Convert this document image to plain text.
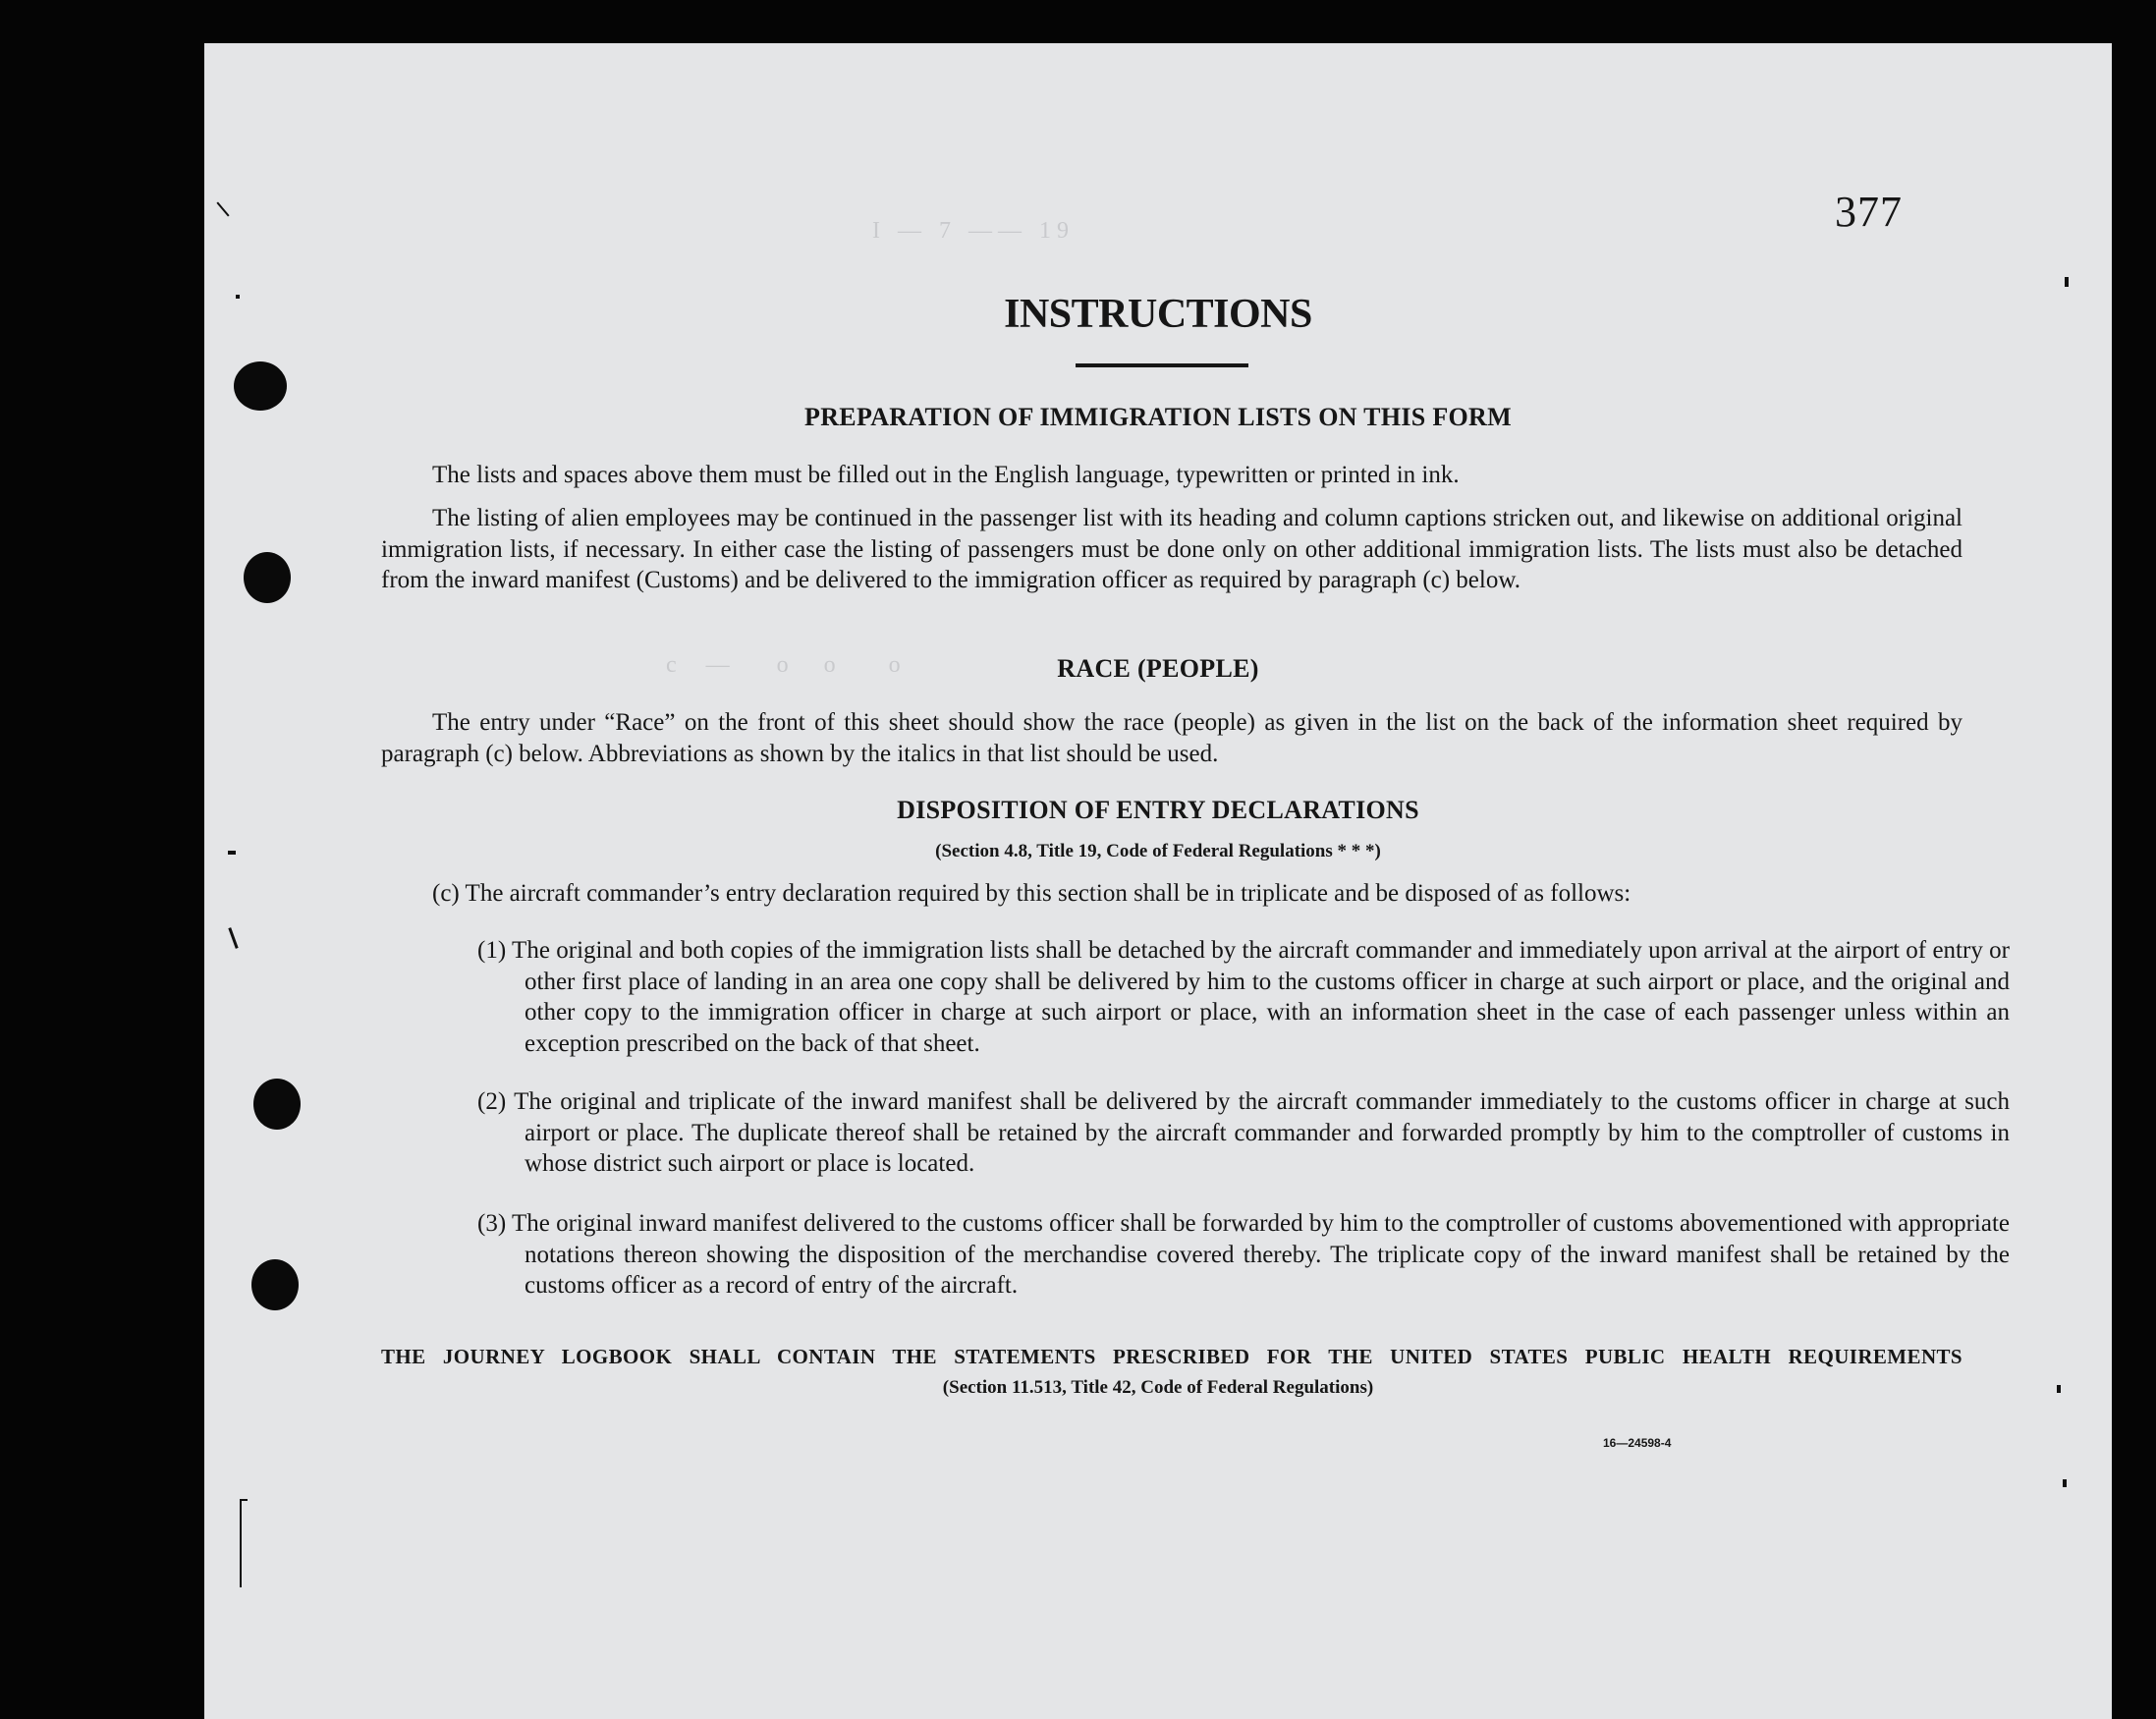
I   —   7   — —   1 9
c     —        o      o         o
377
INSTRUCTIONS
PREPARATION OF IMMIGRATION LISTS ON THIS FORM
The lists and spaces above them must be filled out in the English language, typewritten or printed in ink.
The listing of alien employees may be continued in the passenger list with its heading and column captions stricken out, and likewise on additional original immigration lists, if necessary. In either case the listing of passengers must be done only on other additional immigration lists. The lists must also be detached from the inward manifest (Customs) and be delivered to the immigration officer as required by paragraph (c) below.
RACE (PEOPLE)
The entry under “Race” on the front of this sheet should show the race (people) as given in the list on the back of the information sheet required by paragraph (c) below. Abbreviations as shown by the italics in that list should be used.
DISPOSITION OF ENTRY DECLARATIONS
(Section 4.8, Title 19, Code of Federal Regulations * * *)
(c) The aircraft commander’s entry declaration required by this section shall be in triplicate and be disposed of as follows:
(1) The original and both copies of the immigration lists shall be detached by the aircraft commander and immediately upon arrival at the airport of entry or other first place of landing in an area one copy shall be delivered by him to the customs officer in charge at such airport or place, and the original and other copy to the immigration officer in charge at such airport or place, with an information sheet in the case of each passenger unless within an exception prescribed on the back of that sheet.
(2) The original and triplicate of the inward manifest shall be delivered by the aircraft commander immediately to the customs officer in charge at such airport or place. The duplicate thereof shall be retained by the aircraft commander and forwarded promptly by him to the comptroller of customs in whose district such airport or place is located.
(3) The original inward manifest delivered to the customs officer shall be forwarded by him to the comptroller of customs abovementioned with appropriate notations thereon showing the disposition of the merchandise covered thereby. The triplicate copy of the inward manifest shall be retained by the customs officer as a record of entry of the aircraft.
THE JOURNEY LOGBOOK SHALL CONTAIN THE STATEMENTS PRESCRIBED FOR THE UNITED STATES PUBLIC HEALTH REQUIREMENTS
(Section 11.513, Title 42, Code of Federal Regulations)
16—24598-4
